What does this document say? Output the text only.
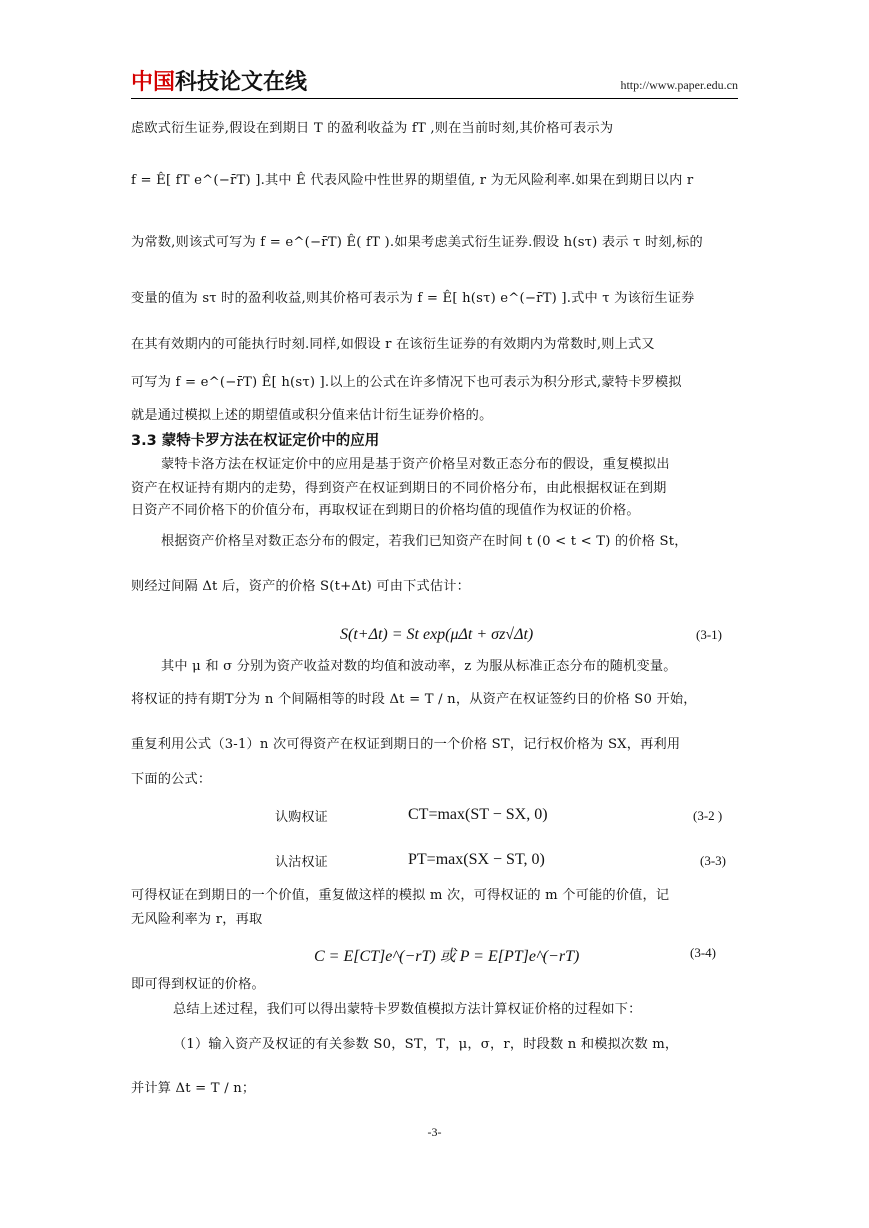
中国科技论文在线	http://www.paper.edu.cn

虑欧式衍生证券,假设在到期日 T 的盈利收益为 fT ,则在当前时刻,其价格可表示为

f = Ê[ fT e^(−r̄T) ].其中 Ê 代表风险中性世界的期望值, r 为无风险利率.如果在到期日以内 r

为常数,则该式可写为 f = e^(−r̄T) Ê( fT ).如果考虑美式衍生证券.假设 h(sτ) 表示 τ 时刻,标的

变量的值为 sτ 时的盈利收益,则其价格可表示为 f = Ê[ h(sτ) e^(−r̄T) ].式中 τ 为该衍生证券

在其有效期内的可能执行时刻.同样,如假设 r 在该衍生证券的有效期内为常数时,则上式又

可写为 f = e^(−r̄T) Ê[ h(sτ) ].以上的公式在许多情况下也可表示为积分形式,蒙特卡罗模拟

就是通过模拟上述的期望值或积分值来估计衍生证券价格的。

3.3 蒙特卡罗方法在权证定价中的应用

蒙特卡洛方法在权证定价中的应用是基于资产价格呈对数正态分布的假设，重复模拟出

资产在权证持有期内的走势，得到资产在权证到期日的不同价格分布，由此根据权证在到期

日资产不同价格下的价值分布，再取权证在到期日的价格均值的现值作为权证的价格。

根据资产价格呈对数正态分布的假定，若我们已知资产在时间 t (0 < t < T) 的价格 St，

则经过间隔 Δt 后，资产的价格 S(t+Δt) 可由下式估计：

S(t+Δt) = St exp(μΔt + σz√Δt)	(3-1)

其中 μ 和 σ 分别为资产收益对数的均值和波动率，z 为服从标准正态分布的随机变量。

将权证的持有期T分为 n 个间隔相等的时段 Δt = T / n，从资产在权证签约日的价格 S0 开始，

重复利用公式（3-1）n 次可得资产在权证到期日的一个价格 ST，记行权价格为 SX，再利用

下面的公式：

认购权证	CT=max(ST − SX, 0)	(3-2 )

认沽权证	PT=max(SX − ST, 0)	(3-3)

可得权证在到期日的一个价值，重复做这样的模拟 m 次，可得权证的 m 个可能的价值，记

无风险利率为 r，再取

C = E[CT]e^(−rT) 或 P = E[PT]e^(−rT)	(3-4)

即可得到权证的价格。

总结上述过程，我们可以得出蒙特卡罗数值模拟方法计算权证价格的过程如下：

（1）输入资产及权证的有关参数 S0，ST，T，μ，σ，r，时段数 n 和模拟次数 m，

并计算 Δt = T / n；

-3-
